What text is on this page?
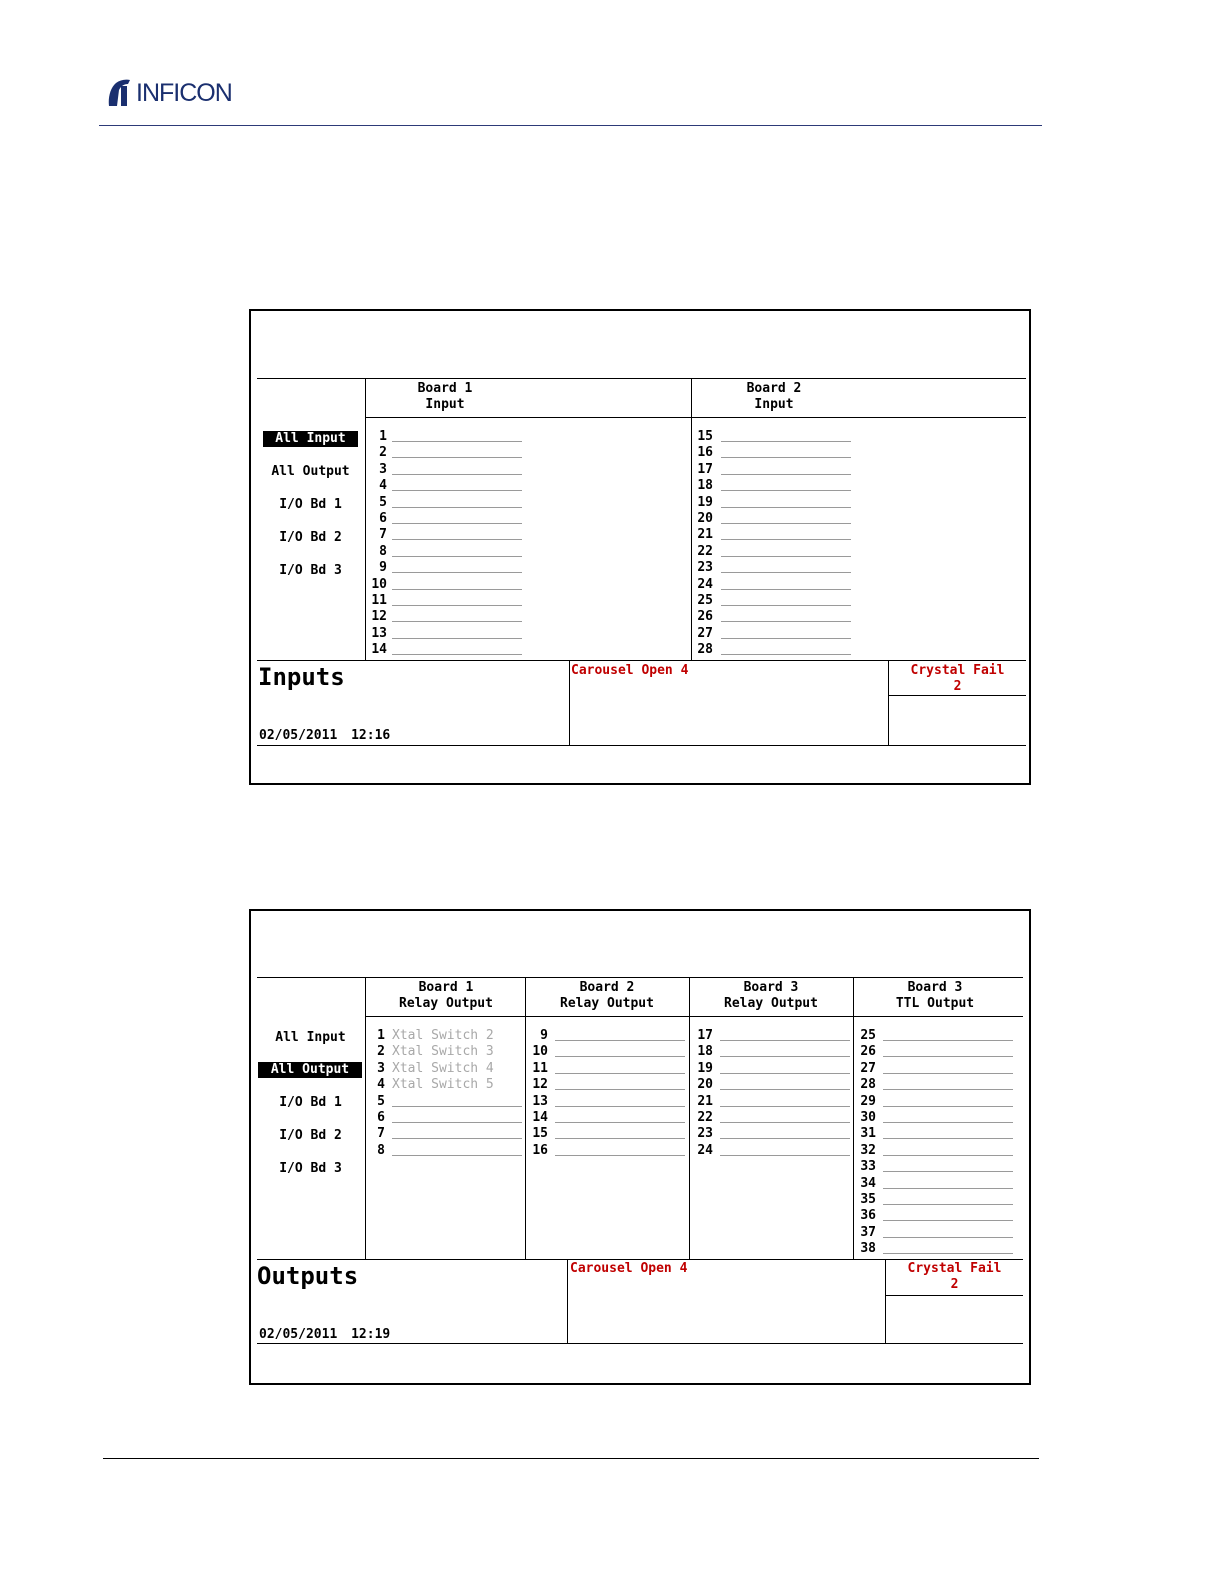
INFICON
Board 1
Input
Board 2
Input
All Input
All Output
I/O Bd 1
I/O Bd 2
I/O Bd 3
1
2
3
4
5
6
7
8
9
10
11
12
13
14
15
16
17
18
19
20
21
22
23
24
25
26
27
28
Inputs
02/05/2011 12:16
Carousel Open 4	Crystal Fail
2
Board 1
Relay Output
Board 2
Relay Output
Board 3
Relay Output
Board 3
TTL Output
All Input
All Output
I/O Bd 1
I/O Bd 2
I/O Bd 3
1 Xtal Switch 2
2 Xtal Switch 3
3 Xtal Switch 4
4 Xtal Switch 5
5
6
7
8
9
10
11
12
13
14
15
16
17
18
19
20
21
22
23
24
25
26
27
28
29
30
31
32
33
34
35
36
37
38
Outputs
02/05/2011 12:19
Carousel Open 4	Crystal Fail
2
